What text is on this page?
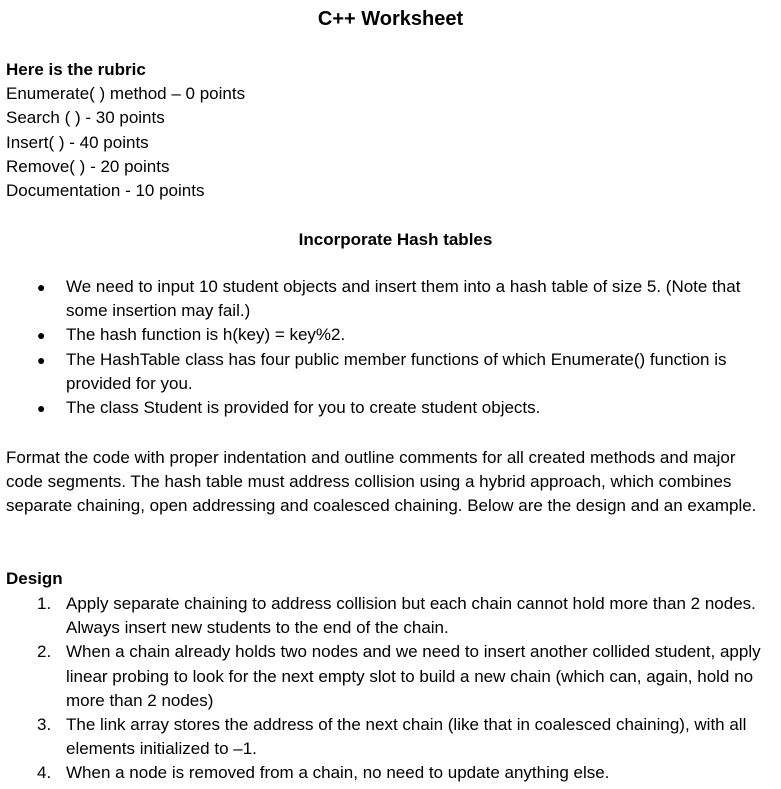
C++ Worksheet
Here is the rubric
Enumerate( ) method – 0 points
Search ( ) - 30 points
Insert( ) - 40 points
Remove( ) - 20 points
Documentation - 10 points
Incorporate Hash tables
● We need to input 10 student objects and insert them into a hash table of size 5. (Note that some insertion may fail.)
● The hash function is h(key) = key%2.
● The HashTable class has four public member functions of which Enumerate() function is provided for you.
● The class Student is provided for you to create student objects.
Format the code with proper indentation and outline comments for all created methods and major code segments. The hash table must address collision using a hybrid approach, which combines separate chaining, open addressing and coalesced chaining. Below are the design and an example.
Design
1. Apply separate chaining to address collision but each chain cannot hold more than 2 nodes. Always insert new students to the end of the chain.
2. When a chain already holds two nodes and we need to insert another collided student, apply linear probing to look for the next empty slot to build a new chain (which can, again, hold no more than 2 nodes)
3. The link array stores the address of the next chain (like that in coalesced chaining), with all elements initialized to –1.
4. When a node is removed from a chain, no need to update anything else.
